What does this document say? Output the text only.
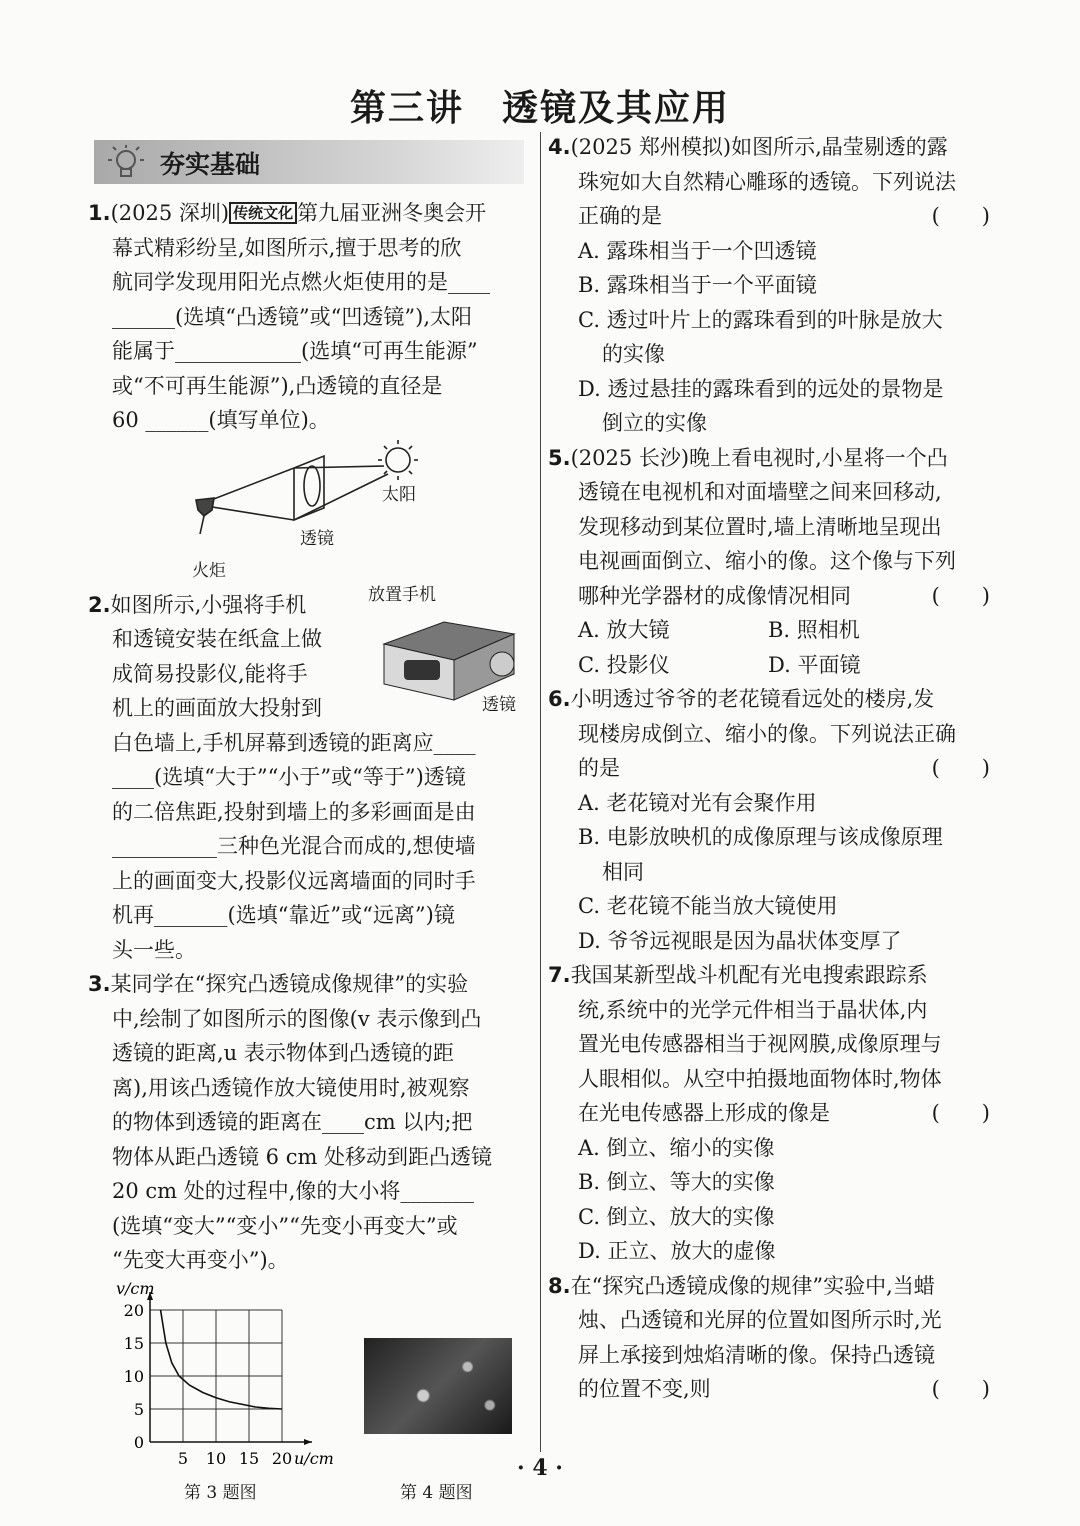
第三讲　透镜及其应用
夯实基础

1.(2025 深圳) 传统文化 第九届亚洲冬奥会开

幕式精彩纷呈,如图所示,擅于思考的欣

航同学发现用阳光点燃火炬使用的是____

______(选填“凸透镜”或“凹透镜”),太阳

能属于____________(选填“可再生能源”

或“不可再生能源”),凸透镜的直径是

60 ______(填写单位)。

太阳
透镜
火炬

2.如图所示,小强将手机

和透镜安装在纸盒上做

成简易投影仪,能将手

机上的画面放大投射到

放置手机
透镜

白色墙上,手机屏幕到透镜的距离应____

____(选填“大于”“小于”或“等于”)透镜

的二倍焦距,投射到墙上的多彩画面是由

__________三种色光混合而成的,想使墙

上的画面变大,投影仪远离墙面的同时手

机再_______(选填“靠近”或“远离”)镜

头一些。

3.某同学在“探究凸透镜成像规律”的实验

中,绘制了如图所示的图像(v 表示像到凸

透镜的距离,u 表示物体到凸透镜的距

离),用该凸透镜作放大镜使用时,被观察

的物体到透镜的距离在____cm 以内;把

物体从距凸透镜 6 cm 处移动到距凸透镜

20 cm 处的过程中,像的大小将_______

(选填“变大”“变小”“先变小再变大”或

“先变大再变小”)。

0
5
10
15
20
5 10 15 20 u/cm
v/cm
第 3 题图	第 4 题图

4.(2025 郑州模拟)如图所示,晶莹剔透的露

珠宛如大自然精心雕琢的透镜。下列说法

正确的是	(　　)

A. 露珠相当于一个凹透镜
B. 露珠相当于一个平面镜
C. 透过叶片上的露珠看到的叶脉是放大
的实像
D. 透过悬挂的露珠看到的远处的景物是
倒立的实像

5.(2025 长沙)晚上看电视时,小星将一个凸

透镜在电视机和对面墙壁之间来回移动,

发现移动到某位置时,墙上清晰地呈现出

电视画面倒立、缩小的像。这个像与下列

哪种光学器材的成像情况相同	(　　)

A. 放大镜	B. 照相机
C. 投影仪	D. 平面镜

6.小明透过爷爷的老花镜看远处的楼房,发

现楼房成倒立、缩小的像。下列说法正确

的是	(　　)

A. 老花镜对光有会聚作用
B. 电影放映机的成像原理与该成像原理
相同
C. 老花镜不能当放大镜使用
D. 爷爷远视眼是因为晶状体变厚了

7.我国某新型战斗机配有光电搜索跟踪系

统,系统中的光学元件相当于晶状体,内

置光电传感器相当于视网膜,成像原理与

人眼相似。从空中拍摄地面物体时,物体

在光电传感器上形成的像是	(　　)

A. 倒立、缩小的实像
B. 倒立、等大的实像
C. 倒立、放大的实像
D. 正立、放大的虚像

8.在“探究凸透镜成像的规律”实验中,当蜡

烛、凸透镜和光屏的位置如图所示时,光

屏上承接到烛焰清晰的像。保持凸透镜

的位置不变,则	(　　)

· 4 ·
